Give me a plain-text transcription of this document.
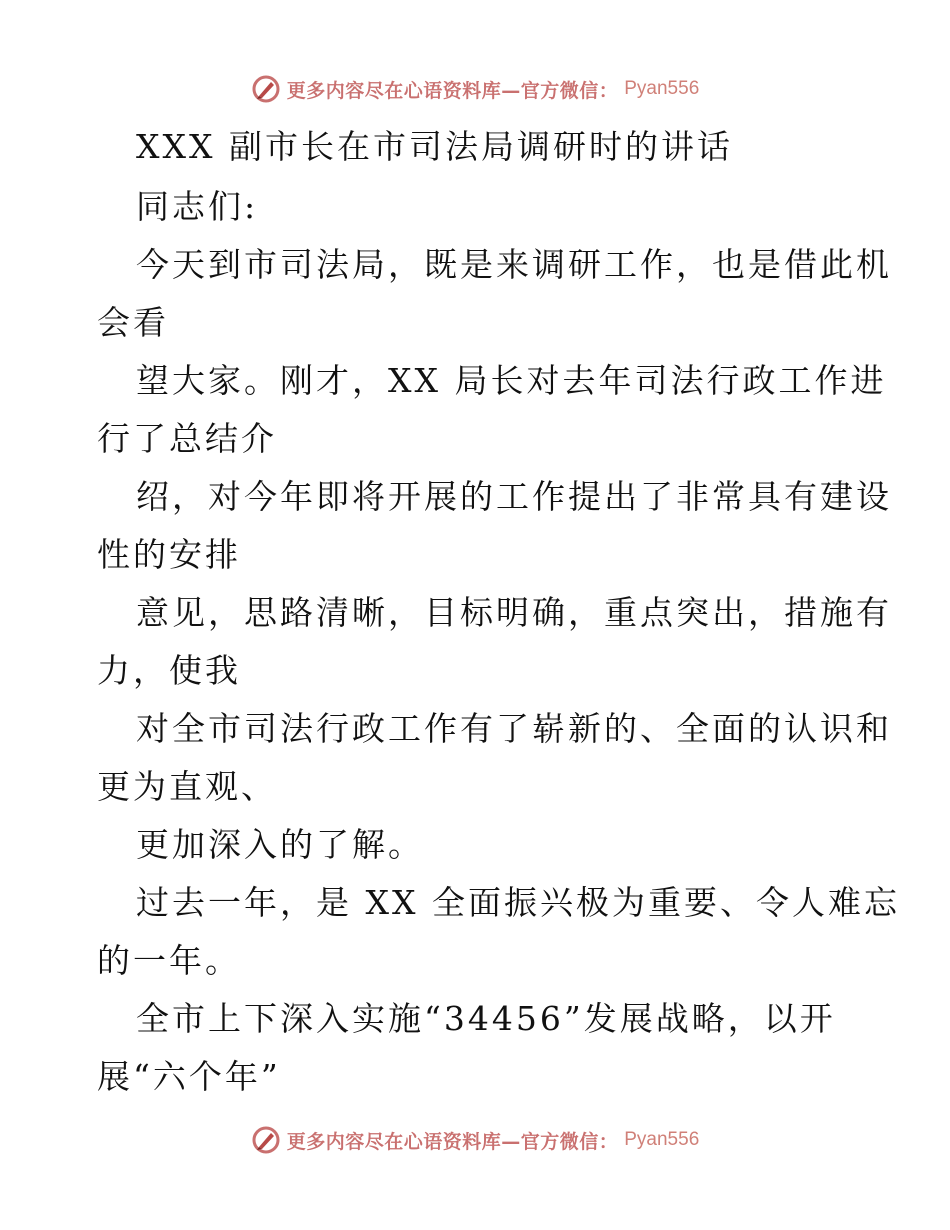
更多内容尽在心语资料库—官方微信： Pyan556
XXX 副市长在市司法局调研时的讲话
同志们:
今天到市司法局，既是来调研工作，也是借此机
会看
望大家。刚才，XX 局长对去年司法行政工作进
行了总结介
绍，对今年即将开展的工作提出了非常具有建设
性的安排
意见，思路清晰，目标明确，重点突出，措施有
力，使我
对全市司法行政工作有了崭新的、全面的认识和
更为直观、
更加深入的了解。
过去一年，是 XX 全面振兴极为重要、令人难忘
的一年。
全市上下深入实施“34456”发展战略，以开
展“六个年”
更多内容尽在心语资料库—官方微信： Pyan556
